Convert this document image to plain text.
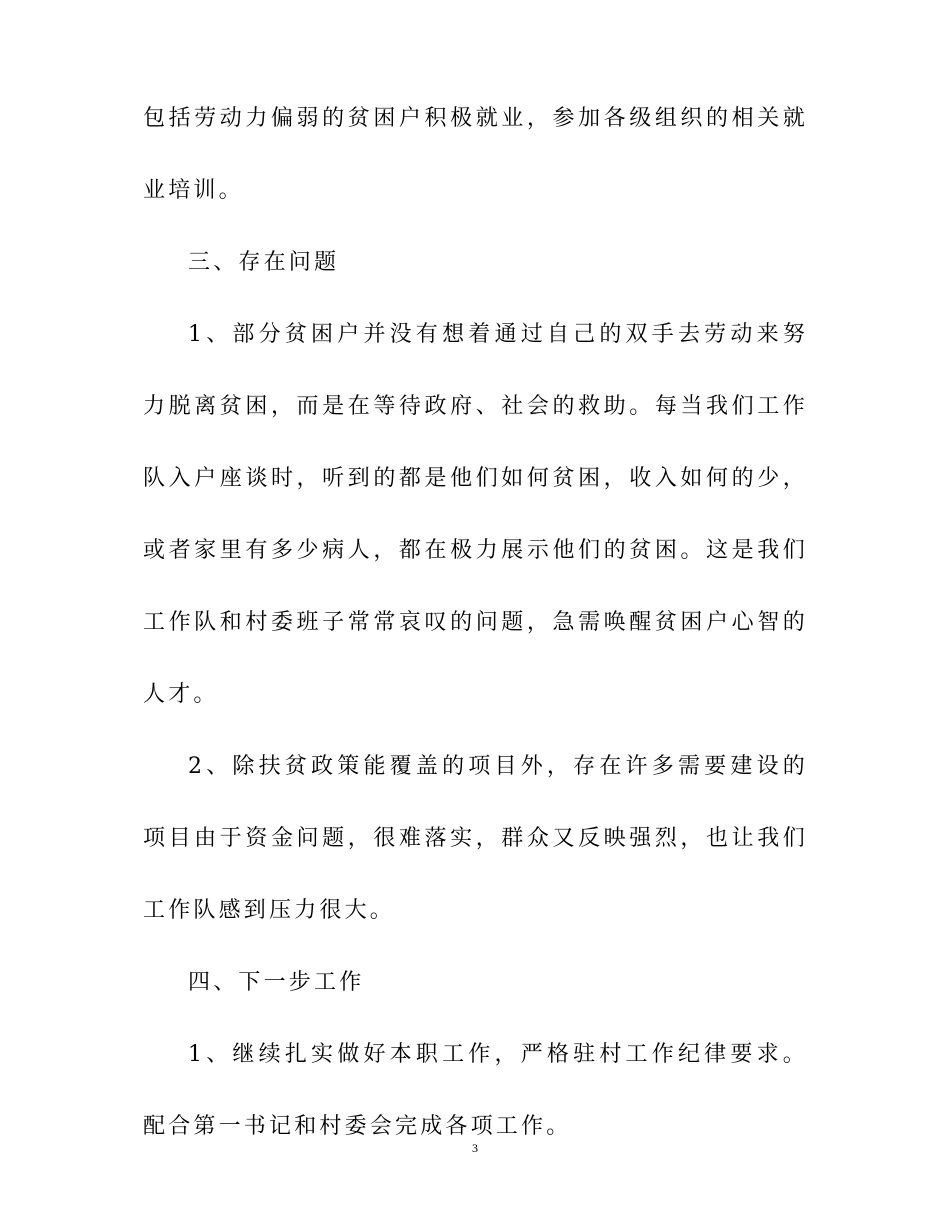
包括劳动力偏弱的贫困户积极就业，参加各级组织的相关就业培训。

三、存在问题

1、部分贫困户并没有想着通过自己的双手去劳动来努力脱离贫困，而是在等待政府、社会的救助。每当我们工作队入户座谈时，听到的都是他们如何贫困，收入如何的少，或者家里有多少病人，都在极力展示他们的贫困。这是我们工作队和村委班子常常哀叹的问题，急需唤醒贫困户心智的人才。

2、除扶贫政策能覆盖的项目外，存在许多需要建设的项目由于资金问题，很难落实，群众又反映强烈，也让我们工作队感到压力很大。

四、下一步工作

1、继续扎实做好本职工作，严格驻村工作纪律要求。配合第一书记和村委会完成各项工作。

3
